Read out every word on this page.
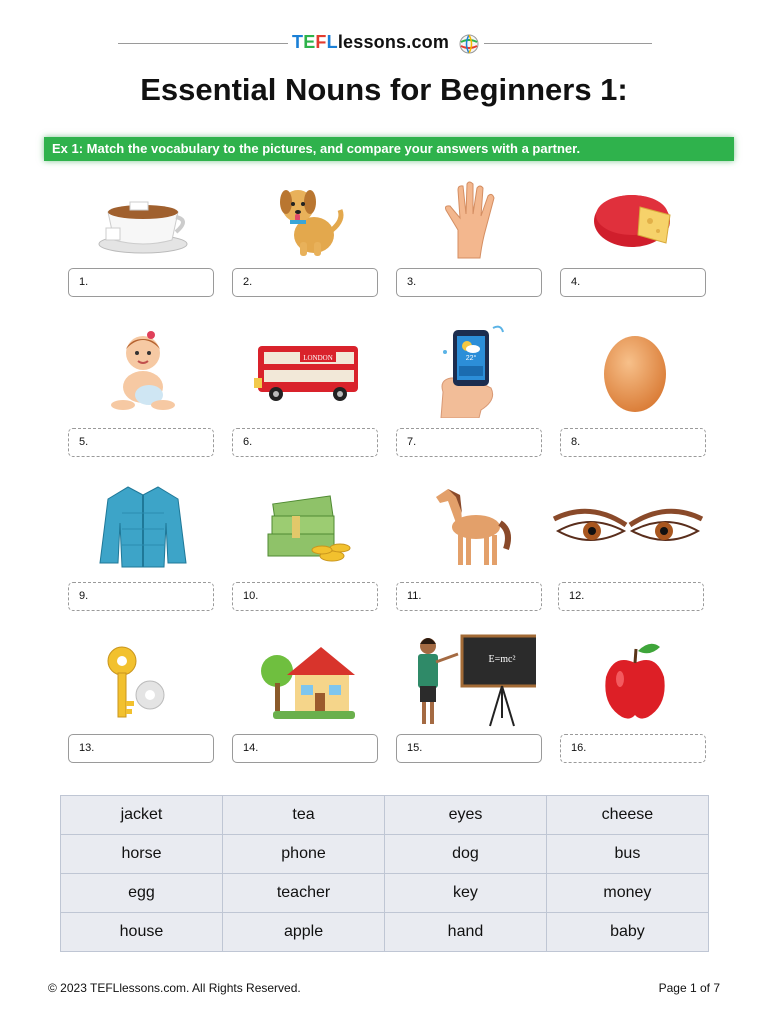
TEFLlessons.com
Essential Nouns for Beginners 1:
Ex 1: Match the vocabulary to the pictures, and compare your answers with a partner.
1.	2.	3.	4.
5.
LONDON
6.
22°
7.	8.
9.	10.	11.	12.
13.	14.
E=mc²
15.	16.
jacket	tea	eyes	cheese
horse	phone	dog	bus
egg	teacher	key	money
house	apple	hand	baby
© 2023 TEFLlessons.com. All Rights Reserved.	Page 1 of 7
